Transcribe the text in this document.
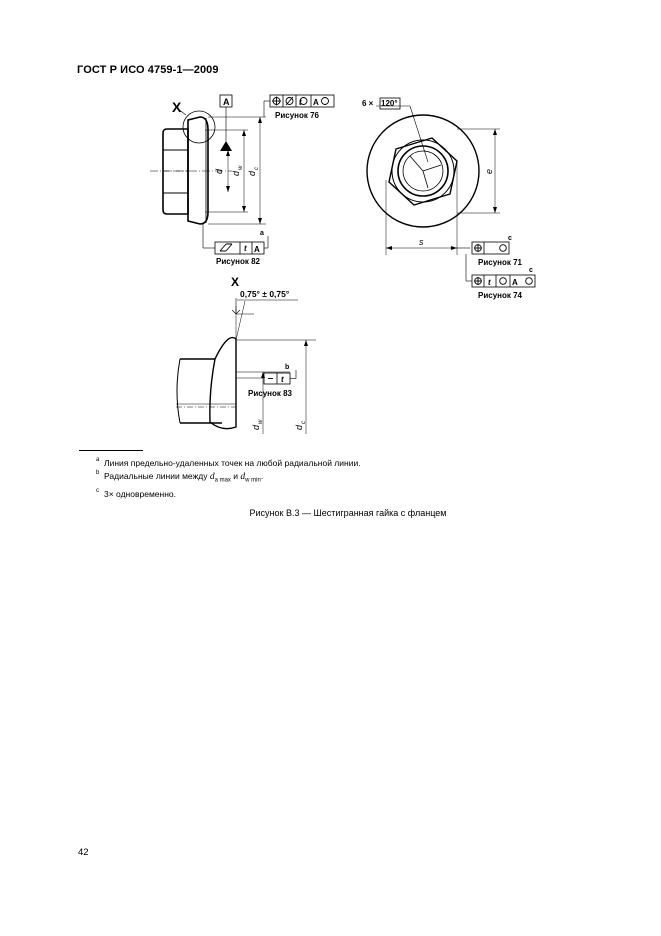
ГОСТ Р ИСО 4759-1—2009
X	A	A
Рисунок 76
t
d d
w
d
c
a
t A
Рисунок 82
6 × 120°
e
s	c
Рисунок 71
c
t	A
Рисунок 74
X
0,75° ± 0,75°
b
t
Рисунок 83
d
w
d
c
a Линия предельно-удаленных точек на любой радиальной линии.
b Радиальные линии между $d_{a max}$ и $d_{w min}$.
c 3× одновременно.
Рисунок В.3 — Шестигранная гайка с фланцем
42
